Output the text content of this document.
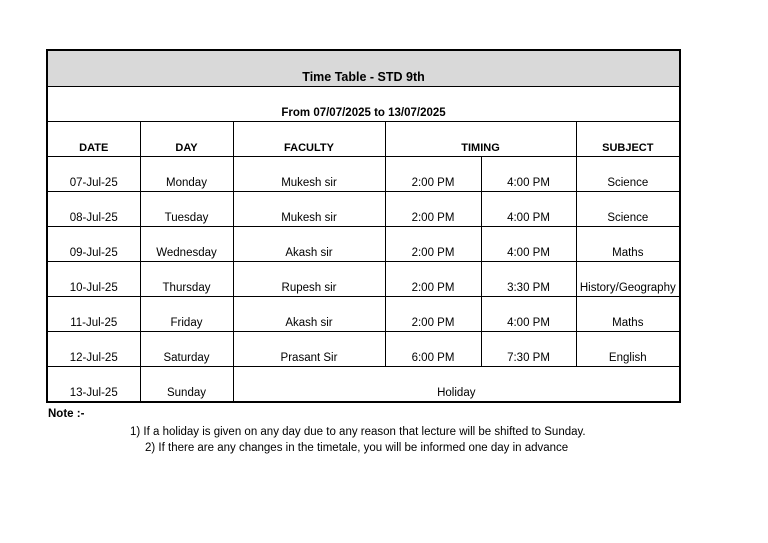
Time Table - STD 9th					
From 07/07/2025 to 13/07/2025					
DATE	DAY	FACULTY	TIMING		SUBJECT
07-Jul-25	Monday	Mukesh sir	2:00 PM	4:00 PM	Science
08-Jul-25	Tuesday	Mukesh sir	2:00 PM	4:00 PM	Science
09-Jul-25	Wednesday	Akash sir	2:00 PM	4:00 PM	Maths
10-Jul-25	Thursday	Rupesh sir	2:00 PM	3:30 PM	History/Geography
11-Jul-25	Friday	Akash sir	2:00 PM	4:00 PM	Maths
12-Jul-25	Saturday	Prasant Sir	6:00 PM	7:30 PM	English
13-Jul-25	Sunday	Holiday			
Note :-
1) If a holiday is given on any day due to any reason that lecture will be shifted to Sunday.
2) If there are any changes in the timetale, you will be informed one day in advance
